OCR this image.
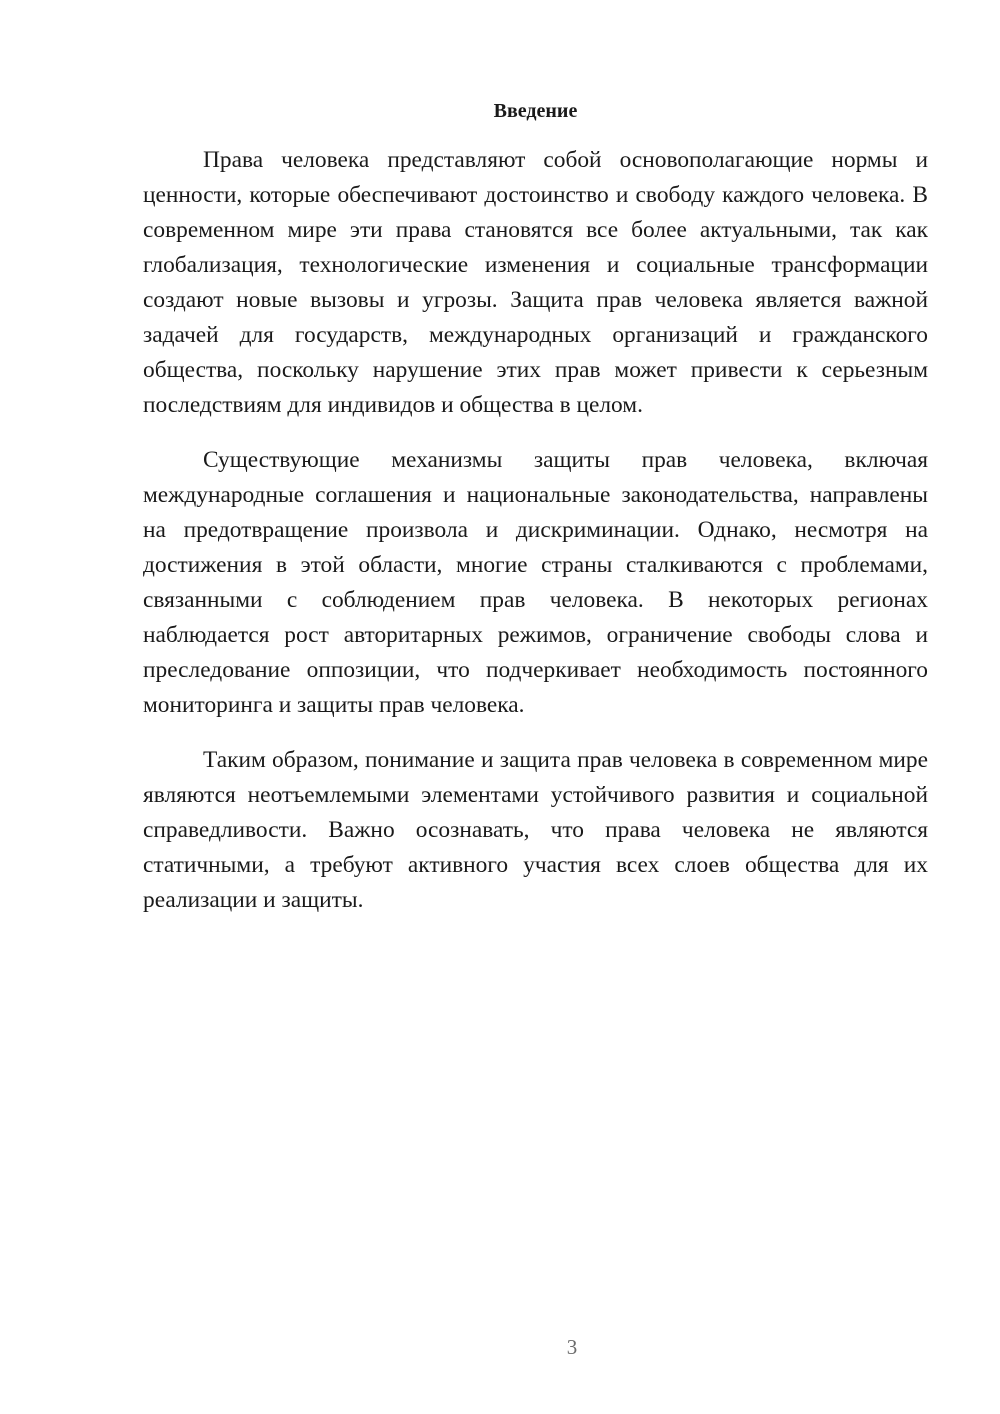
Введение

Права человека представляют собой основополагающие нормы и ценности, которые обеспечивают достоинство и свободу каждого человека. В современном мире эти права становятся все более актуальными, так как глобализация, технологические изменения и социальные трансформации создают новые вызовы и угрозы. Защита прав человека является важной задачей для государств, международных организаций и гражданского общества, поскольку нарушение этих прав может привести к серьезным последствиям для индивидов и общества в целом.

Существующие механизмы защиты прав человека, включая международные соглашения и национальные законодательства, направлены на предотвращение произвола и дискриминации. Однако, несмотря на достижения в этой области, многие страны сталкиваются с проблемами, связанными с соблюдением прав человека. В некоторых регионах наблюдается рост авторитарных режимов, ограничение свободы слова и преследование оппозиции, что подчеркивает необходимость постоянного мониторинга и защиты прав человека.

Таким образом, понимание и защита прав человека в современном мире являются неотъемлемыми элементами устойчивого развития и социальной справедливости. Важно осознавать, что права человека не являются статичными, а требуют активного участия всех слоев общества для их реализации и защиты.

3
